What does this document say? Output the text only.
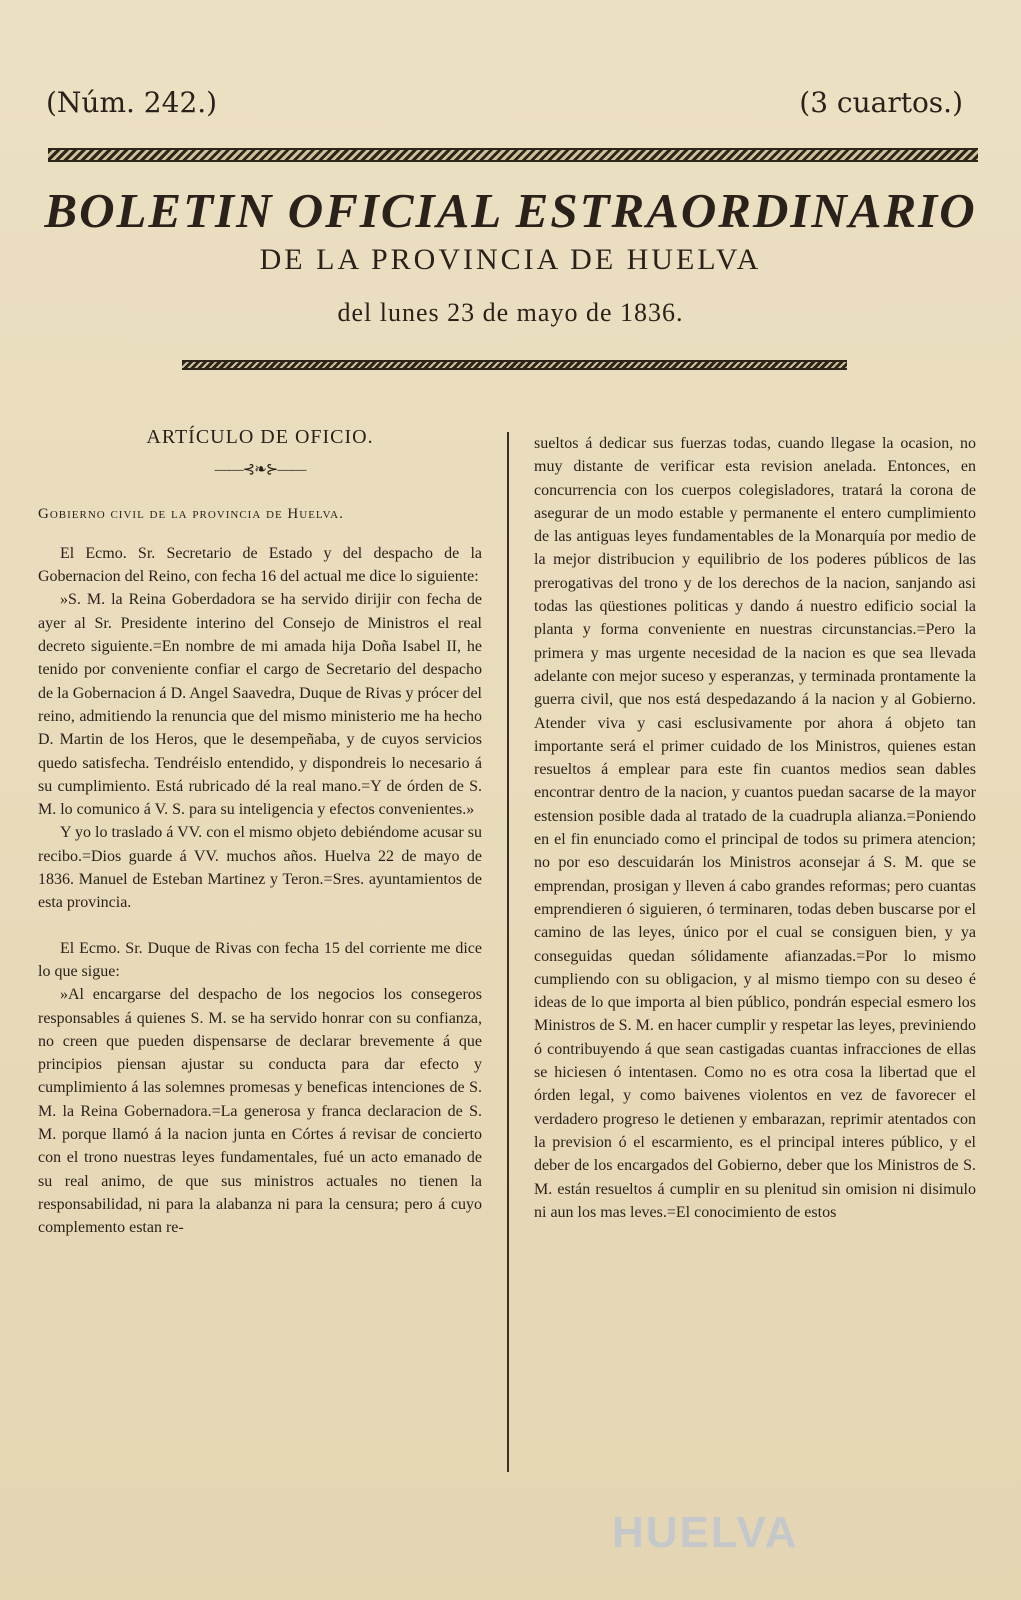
(Núm. 242.)	(3 cuartos.)
BOLETIN OFICIAL ESTRAORDINARIO
DE LA PROVINCIA DE HUELVA
del lunes 23 de mayo de 1836.
ARTÍCULO DE OFICIO.
——⊰❧⊱——
Gobierno civil de la provincia de Huelva.

El Ecmo. Sr. Secretario de Estado y del despacho de la Gobernacion del Reino, con fecha 16 del actual me dice lo siguiente:

»S. M. la Reina Goberdadora se ha servido dirijir con fecha de ayer al Sr. Presidente interino del Consejo de Ministros el real decreto siguiente.=En nombre de mi amada hija Doña Isabel II, he tenido por conveniente confiar el cargo de Secretario del despacho de la Gobernacion á D. Angel Saavedra, Duque de Rivas y prócer del reino, admitiendo la renuncia que del mismo ministerio me ha hecho D. Martin de los Heros, que le desempeñaba, y de cuyos servicios quedo satisfecha. Tendréislo entendido, y dispondreis lo necesario á su cumplimiento. Está rubricado dé la real mano.=Y de órden de S. M. lo comunico á V. S. para su inteligencia y efectos convenientes.»

Y yo lo traslado á VV. con el mismo objeto debiéndome acusar su recibo.=Dios guarde á VV. muchos años. Huelva 22 de mayo de 1836. Manuel de Esteban Martinez y Teron.=Sres. ayuntamientos de esta provincia.

El Ecmo. Sr. Duque de Rivas con fecha 15 del corriente me dice lo que sigue:

»Al encargarse del despacho de los negocios los consegeros responsables á quienes S. M. se ha servido honrar con su confianza, no creen que pueden dispensarse de declarar brevemente á que principios piensan ajustar su conducta para dar efecto y cumplimiento á las solemnes promesas y beneficas intenciones de S. M. la Reina Gobernadora.=La generosa y franca declaracion de S. M. porque llamó á la nacion junta en Córtes á revisar de concierto con el trono nuestras leyes fundamentales, fué un acto emanado de su real animo, de que sus ministros actuales no tienen la responsabilidad, ni para la alabanza ni para la censura; pero á cuyo complemento estan re-

sueltos á dedicar sus fuerzas todas, cuando llegase la ocasion, no muy distante de verificar esta revision anelada. Entonces, en concurrencia con los cuerpos colegisladores, tratará la corona de asegurar de un modo estable y permanente el entero cumplimiento de las antiguas leyes fundamentables de la Monarquía por medio de la mejor distribucion y equilibrio de los poderes públicos de las prerogativas del trono y de los derechos de la nacion, sanjando asi todas las qüestiones politicas y dando á nuestro edificio social la planta y forma conveniente en nuestras circunstancias.=Pero la primera y mas urgente necesidad de la nacion es que sea llevada adelante con mejor suceso y esperanzas, y terminada prontamente la guerra civil, que nos está despedazando á la nacion y al Gobierno. Atender viva y casi esclusivamente por ahora á objeto tan importante será el primer cuidado de los Ministros, quienes estan resueltos á emplear para este fin cuantos medios sean dables encontrar dentro de la nacion, y cuantos puedan sacarse de la mayor estension posible dada al tratado de la cuadrupla alianza.=Poniendo en el fin enunciado como el principal de todos su primera atencion; no por eso descuidarán los Ministros aconsejar á S. M. que se emprendan, prosigan y lleven á cabo grandes reformas; pero cuantas emprendieren ó siguieren, ó terminaren, todas deben buscarse por el camino de las leyes, único por el cual se consiguen bien, y ya conseguidas quedan sólidamente afianzadas.=Por lo mismo cumpliendo con su obligacion, y al mismo tiempo con su deseo é ideas de lo que importa al bien público, pondrán especial esmero los Ministros de S. M. en hacer cumplir y respetar las leyes, previniendo ó contribuyendo á que sean castigadas cuantas infracciones de ellas se hiciesen ó intentasen. Como no es otra cosa la libertad que el órden legal, y como baivenes violentos en vez de favorecer el verdadero progreso le detienen y embarazan, reprimir atentados con la prevision ó el escarmiento, es el principal interes público, y el deber de los encargados del Gobierno, deber que los Ministros de S. M. están resueltos á cumplir en su plenitud sin omision ni disimulo ni aun los mas leves.=El conocimiento de estos

HUELVA
